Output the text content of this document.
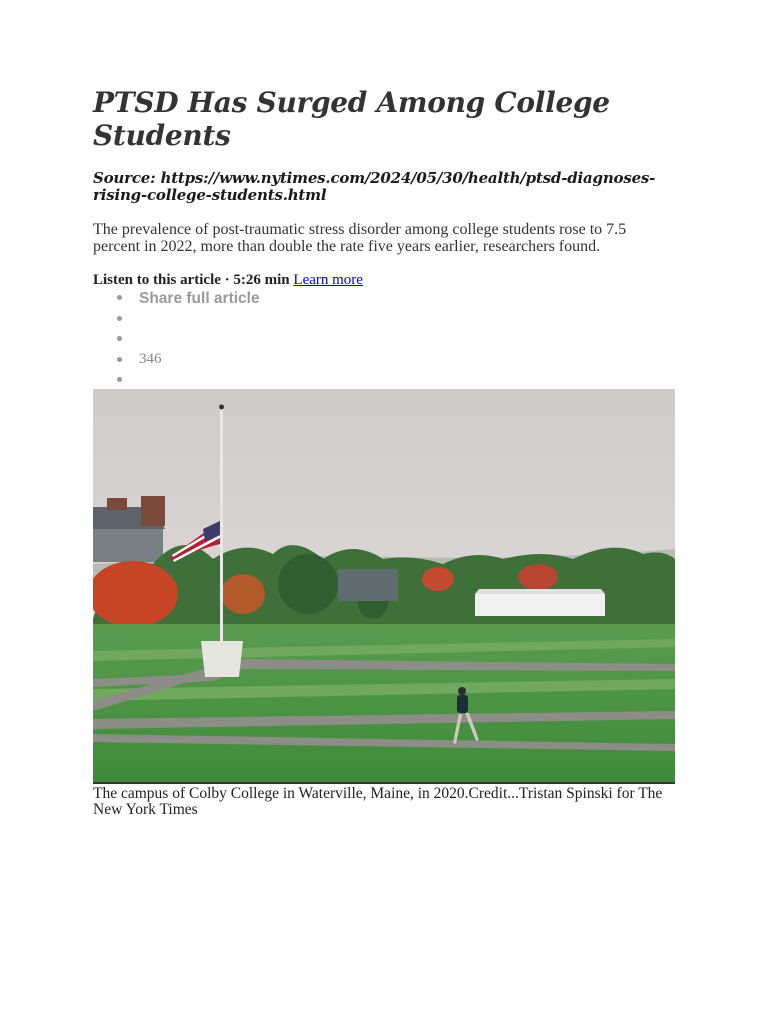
PTSD Has Surged Among College Students

Source: https://www.nytimes.com/2024/05/30/health/ptsd-diagnoses-rising-college-students.html

The prevalence of post-traumatic stress disorder among college students rose to 7.5 percent in 2022, more than double the rate five years earlier, researchers found.

Listen to this article · 5:26 min Learn more

Share full article
346

The campus of Colby College in Waterville, Maine, in 2020.Credit...Tristan Spinski for The New York Times
